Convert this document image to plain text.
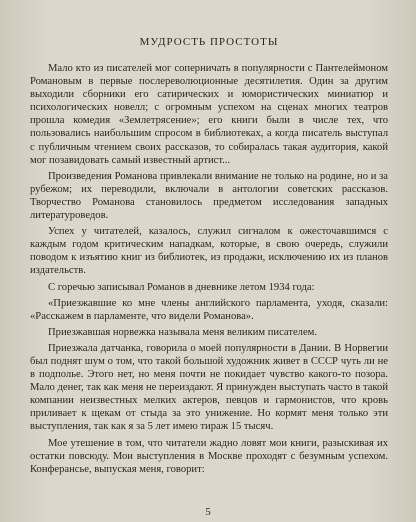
МУДРОСТЬ ПРОСТОТЫ

Мало кто из писателей мог соперничать в популярности с Пантелеймоном Романовым в первые послереволюционные десятилетия. Один за другим выходили сборники его сатирических и юмористических миниатюр и психологических новелл; с огромным успехом на сценах многих театров прошла комедия «Землетрясение»; его книги были в числе тех, что пользовались наибольшим спросом в библиотеках, а когда писатель выступал с публичным чтением своих рассказов, то собиралась такая аудитория, какой мог позавидовать самый известный артист...

Произведения Романова привлекали внимание не только на родине, но и за рубежом; их переводили, включали в антологии советских рассказов. Творчество Романова становилось предметом исследования западных литературоведов.

Успех у читателей, казалось, служил сигналом к ожесточавшимся с каждым годом критическим нападкам, которые, в свою очередь, служили поводом к изъятию книг из библиотек, из продажи, исключению их из планов издательств.

С горечью записывал Романов в дневнике летом 1934 года:

«Приезжавшие ко мне члены английского парламента, уходя, сказали: «Расскажем в парламенте, что видели Романова».

Приезжавшая норвежка называла меня великим писателем.

Приезжала датчанка, говорила о моей популярности в Дании. В Норвегии был поднят шум о том, что такой большой художник живет в СССР чуть ли не в подполье. Этого нет, но меня почти не покидает чувство какого-то позора. Мало денег, так как меня не переиздают. Я принужден выступать часто в такой компании неизвестных мелких актеров, певцов и гармонистов, что кровь приливает к щекам от стыда за это унижение. Но кормят меня только эти выступления, так как я за 5 лет имею тираж 15 тысяч.

Мое утешение в том, что читатели жадно ловят мои книги, разыскивая их остатки повсюду. Мои выступления в Москве проходят с безумным успехом. Конферансье, выпуская меня, говорит:

5
